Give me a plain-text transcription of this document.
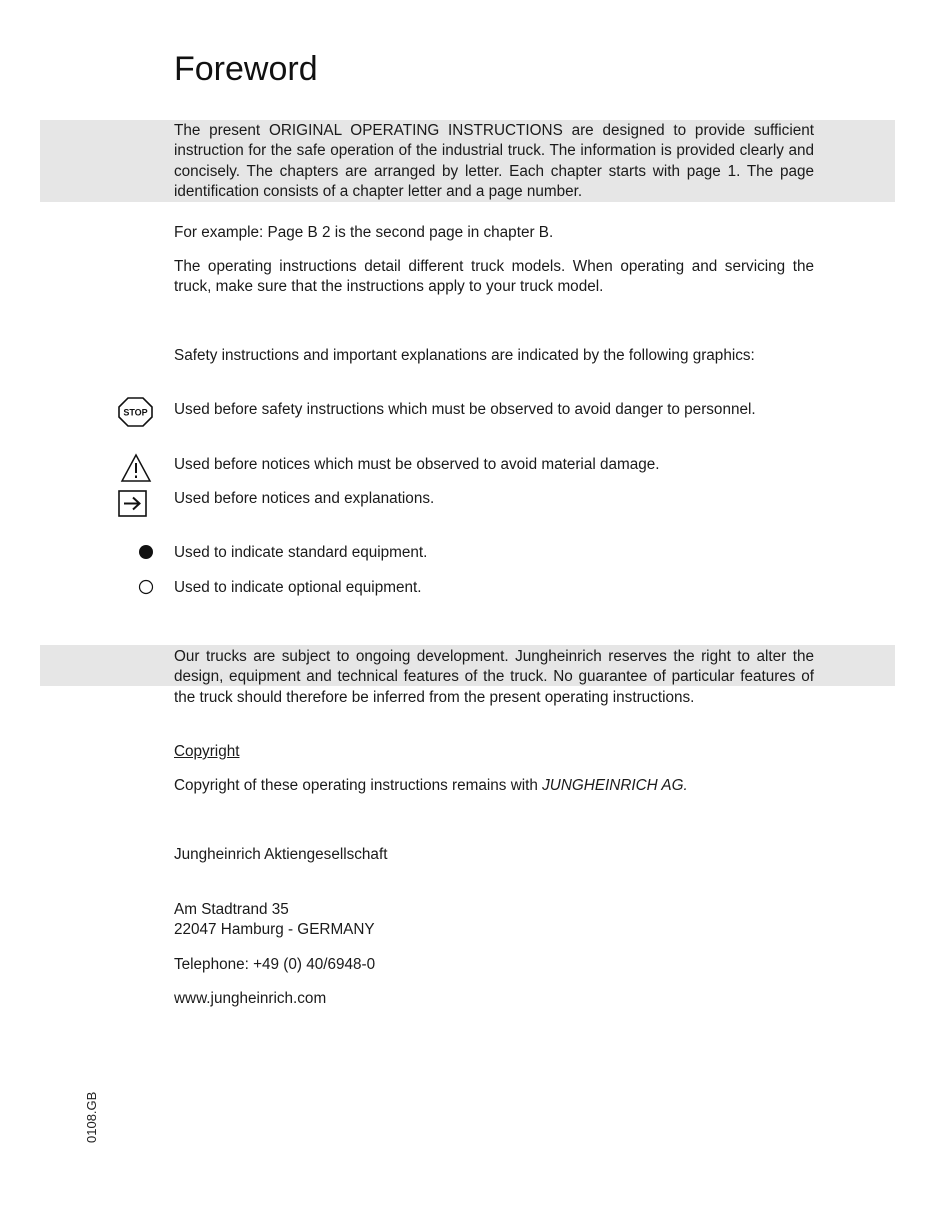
Foreword

The present ORIGINAL OPERATING INSTRUCTIONS are designed to provide sufficient instruction for the safe operation of the industrial truck. The information is provided clearly and concisely. The chapters are arranged by letter. Each chapter starts with page 1. The page identification consists of a chapter letter and a page number.

For example: Page B 2 is the second page in chapter B.

The operating instructions detail different truck models. When operating and servicing the truck, make sure that the instructions apply to your truck model.

Safety instructions and important explanations are indicated by the following graphics:

STOP Used before safety instructions which must be observed to avoid danger to personnel.

Used before notices which must be observed to avoid material damage.

Used before notices and explanations.

Used to indicate standard equipment.

Used to indicate optional equipment.

Our trucks are subject to ongoing development. Jungheinrich reserves the right to alter the design, equipment and technical features of the truck. No guarantee of particular features of the truck should therefore be inferred from the present operating instructions.

Copyright

Copyright of these operating instructions remains with JUNGHEINRICH AG.

Jungheinrich Aktiengesellschaft

Am Stadtrand 35

22047 Hamburg - GERMANY

Telephone: +49 (0) 40/6948-0

www.jungheinrich.com

0108.GB
